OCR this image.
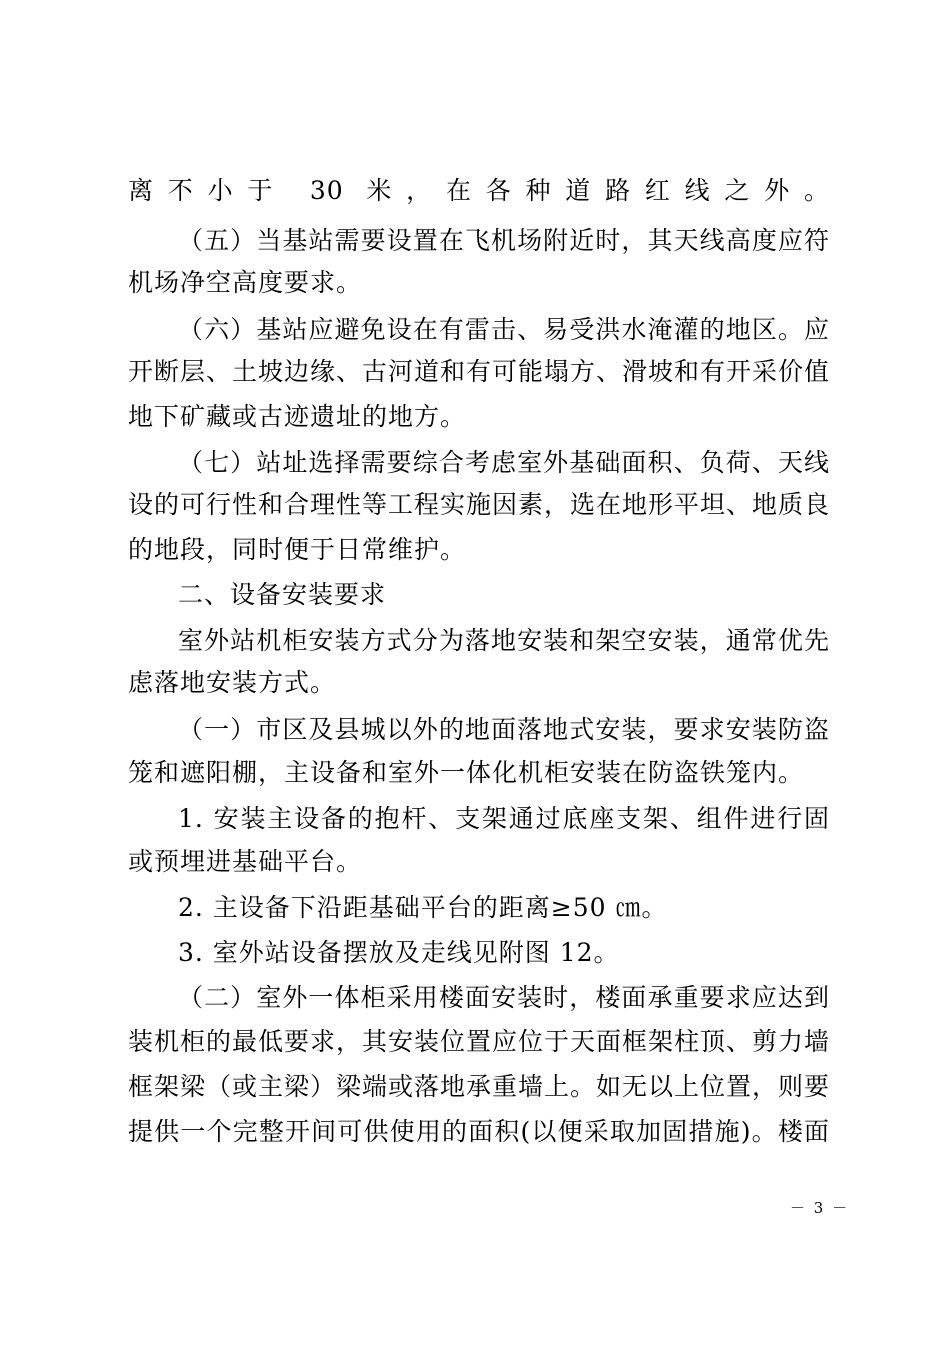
离不小于 30 米，在各种道路红线之外。
（五）当基站需要设置在飞机场附近时，其天线高度应符
机场净空高度要求。
（六）基站应避免设在有雷击、易受洪水淹灌的地区。应
开断层、土坡边缘、古河道和有可能塌方、滑坡和有开采价值
地下矿藏或古迹遗址的地方。
（七）站址选择需要综合考虑室外基础面积、负荷、天线
设的可行性和合理性等工程实施因素，选在地形平坦、地质良
的地段，同时便于日常维护。
二、设备安装要求
室外站机柜安装方式分为落地安装和架空安装，通常优先
虑落地安装方式。
（一）市区及县城以外的地面落地式安装，要求安装防盗
笼和遮阳棚，主设备和室外一体化机柜安装在防盗铁笼内。
1. 安装主设备的抱杆、支架通过底座支架、组件进行固
或预埋进基础平台。
2. 主设备下沿距基础平台的距离≥50 ㎝。
3. 室外站设备摆放及走线见附图 12。
（二）室外一体柜采用楼面安装时，楼面承重要求应达到
装机柜的最低要求，其安装位置应位于天面框架柱顶、剪力墙
框架梁（或主梁）梁端或落地承重墙上。如无以上位置，则要
提供一个完整开间可供使用的面积(以便采取加固措施)。楼面
－ 3 －
